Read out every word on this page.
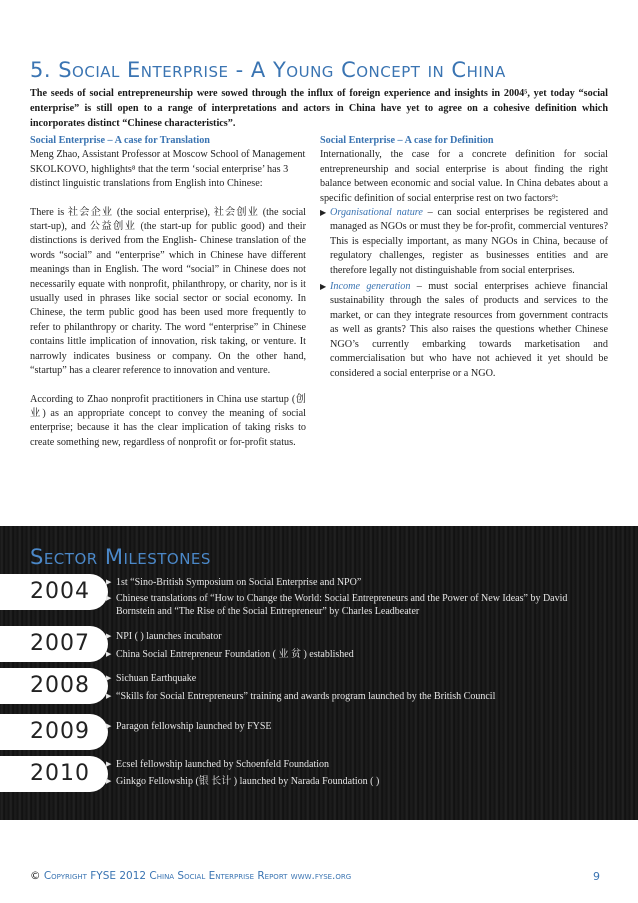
5. Social Enterprise - A Young Concept in China
The seeds of social entrepreneurship were sowed through the influx of foreign experience and insights in 2004⁵, yet today “social enterprise” is still open to a range of interpretations and actors in China have yet to agree on a cohesive definition which incorporates distinct “Chinese characteristics”.
Social Enterprise – A case for Translation

Meng Zhao, Assistant Professor at Moscow School of Management SKOLKOVO, highlights⁸ that the term ‘social enterprise’ has 3 distinct linguistic translations from English into Chinese:

There is 社会企业 (the social enterprise), 社会创业 (the social start-up), and 公益创业 (the start-up for public good) and their distinctions is derived from the English- Chinese translation of the words “social” and “enterprise” which in Chinese have different meanings than in English. The word “social” in Chinese does not necessarily equate with nonprofit, philanthropy, or charity, nor is it usually used in phrases like social sector or social economy. In Chinese, the term public good has been used more frequently to refer to philanthropy or charity. The word “enterprise” in Chinese contains little implication of innovation, risk taking, or venture. It narrowly indicates business or company. On the other hand, “startup” has a clearer reference to innovation and venture.

According to Zhao nonprofit practitioners in China use startup (创业) as an appropriate concept to convey the meaning of social enterprise; because it has the clear implication of taking risks to create something new, regardless of nonprofit or for-profit status.

Social Enterprise – A case for Definition

Internationally, the case for a concrete definition for social entrepreneurship and social enterprise is about finding the right balance between economic and social value. In China debates about a specific definition of social enterprise rest on two factors⁹:

▶ Organisational nature – can social enterprises be registered and managed as NGOs or must they be for-profit, commercial ventures? This is especially important, as many NGOs in China, because of regulatory challenges, register as businesses entities and are therefore legally not distinguishable from social enterprises.
▶ Income generation – must social enterprises achieve financial sustainability through the sales of products and services to the market, or can they integrate resources from government contracts as well as grants? This also raises the questions whether Chinese NGO’s currently embarking towards marketisation and commercialisation but who have not achieved it yet should be considered a social enterprise or a NGO.
Sector Milestones
2004 ▶ 1st “Sino-British Symposium on Social Enterprise and NPO”
▶ Chinese translations of “How to Change the World: Social Entrepreneurs and the Power of New Ideas” by David Bornstein and “The Rise of the Social Entrepreneur” by Charles Leadbeater
2007 ▶ NPI ( ) launches incubator
▶ China Social Entrepreneur Foundation ( 业 贫 ) established
2008 ▶ Sichuan Earthquake
▶ “Skills for Social Entrepreneurs” training and awards program launched by the British Council
2009 ▶ Paragon fellowship launched by FYSE
2010 ▶ Ecsel fellowship launched by Schoenfeld Foundation
▶ Ginkgo Fellowship (银 长计 ) launched by Narada Foundation ( )
© Copyright FYSE 2012 China Social Enterprise Report www.fyse.org	9
